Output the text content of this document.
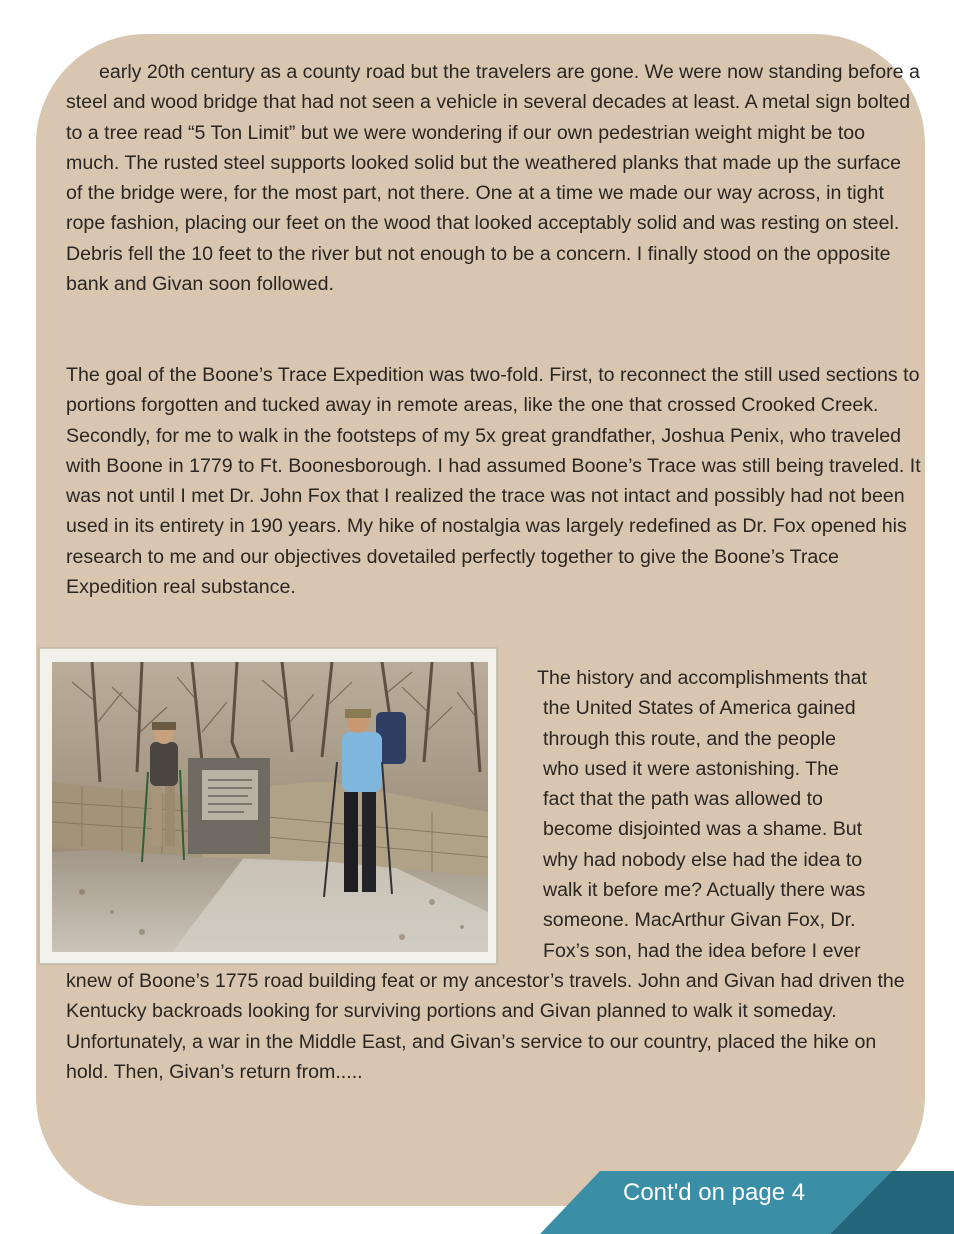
early 20th century as a county road but the travelers are gone. We were now standing before a steel and wood bridge that had not seen a vehicle in several decades at least. A metal sign bolted to a tree read “5 Ton Limit” but we were wondering if our own pedestrian weight might be too much. The rusted steel supports looked solid but the weathered planks that made up the surface of the bridge were, for the most part, not there. One at a time we made our way across, in tight rope fashion, placing our feet on the wood that looked acceptably solid and was resting on steel. Debris fell the 10 feet to the river but not enough to be a concern. I finally stood on the opposite bank and Givan soon followed.

The goal of the Boone’s Trace Expedition was two-fold. First, to reconnect the still used sections to portions forgotten and tucked away in remote areas, like the one that crossed Crooked Creek. Secondly, for me to walk in the footsteps of my 5x great grandfather, Joshua Penix, who traveled with Boone in 1779 to Ft. Boonesborough. I had assumed Boone’s Trace was still being traveled. It was not until I met Dr. John Fox that I realized the trace was not intact and possibly had not been used in its entirety in 190 years. My hike of nostalgia was largely redefined as Dr. Fox opened his research to me and our objectives dovetailed perfectly together to give the Boone’s Trace Expedition real substance.

The history and accomplishments that
the United States of America gained
through this route, and the people
who used it were astonishing. The
fact that the path was allowed to
become disjointed was a shame. But
why had nobody else had the idea to
walk it before me? Actually there was
someone. MacArthur Givan Fox, Dr.
Fox’s son, had the idea before I ever

knew of Boone’s 1775 road building feat or my ancestor’s travels. John and Givan had driven the Kentucky backroads looking for surviving portions and Givan planned to walk it someday. Unfortunately, a war in the Middle East, and Givan’s service to our country, placed the hike on hold. Then, Givan’s return from.....

Cont'd on page 4
